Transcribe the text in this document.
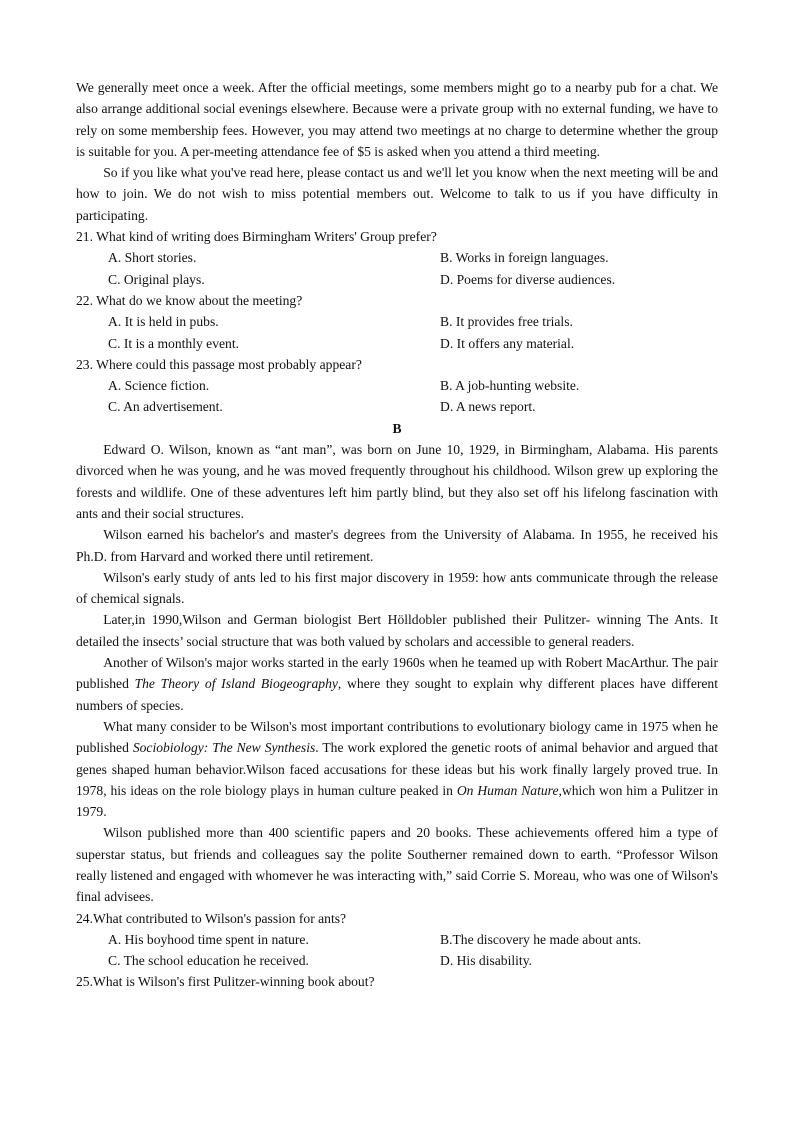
We generally meet once a week. After the official meetings, some members might go to a nearby pub for a chat. We also arrange additional social evenings elsewhere. Because were a private group with no external funding, we have to rely on some membership fees. However, you may attend two meetings at no charge to determine whether the group is suitable for you. A per-meeting attendance fee of $5 is asked when you attend a third meeting.

So if you like what you've read here, please contact us and we'll let you know when the next meeting will be and how to join. We do not wish to miss potential members out. Welcome to talk to us if you have difficulty in participating.

21. What kind of writing does Birmingham Writers' Group prefer?

A. Short stories.	B. Works in foreign languages.

C. Original plays.	D. Poems for diverse audiences.

22. What do we know about the meeting?

A. It is held in pubs.	B. It provides free trials.

C. It is a monthly event.	D. It offers any material.

23. Where could this passage most probably appear?

A. Science fiction.	B. A job-hunting website.

C. An advertisement.	D. A news report.

B

Edward O. Wilson, known as “ant man”, was born on June 10, 1929, in Birmingham, Alabama. His parents divorced when he was young, and he was moved frequently throughout his childhood. Wilson grew up exploring the forests and wildlife. One of these adventures left him partly blind, but they also set off his lifelong fascination with ants and their social structures.

Wilson earned his bachelor's and master's degrees from the University of Alabama. In 1955, he received his Ph.D. from Harvard and worked there until retirement.

Wilson's early study of ants led to his first major discovery in 1959: how ants communicate through the release of chemical signals.

Later,in 1990,Wilson and German biologist Bert Hölldobler published their Pulitzer- winning The Ants. It detailed the insects’ social structure that was both valued by scholars and accessible to general readers.

Another of Wilson's major works started in the early 1960s when he teamed up with Robert MacArthur. The pair published The Theory of Island Biogeography, where they sought to explain why different places have different numbers of species.

What many consider to be Wilson's most important contributions to evolutionary biology came in 1975 when he published Sociobiology: The New Synthesis. The work explored the genetic roots of animal behavior and argued that genes shaped human behavior.Wilson faced accusations for these ideas but his work finally largely proved true. In 1978, his ideas on the role biology plays in human culture peaked in On Human Nature,which won him a Pulitzer in 1979.

Wilson published more than 400 scientific papers and 20 books. These achievements offered him a type of superstar status, but friends and colleagues say the polite Southerner remained down to earth. “Professor Wilson really listened and engaged with whomever he was interacting with,” said Corrie S. Moreau, who was one of Wilson's final advisees.

24.What contributed to Wilson's passion for ants?

A. His boyhood time spent in nature.	B.The discovery he made about ants.

C. The school education he received.	D. His disability.

25.What is Wilson's first Pulitzer-winning book about?
